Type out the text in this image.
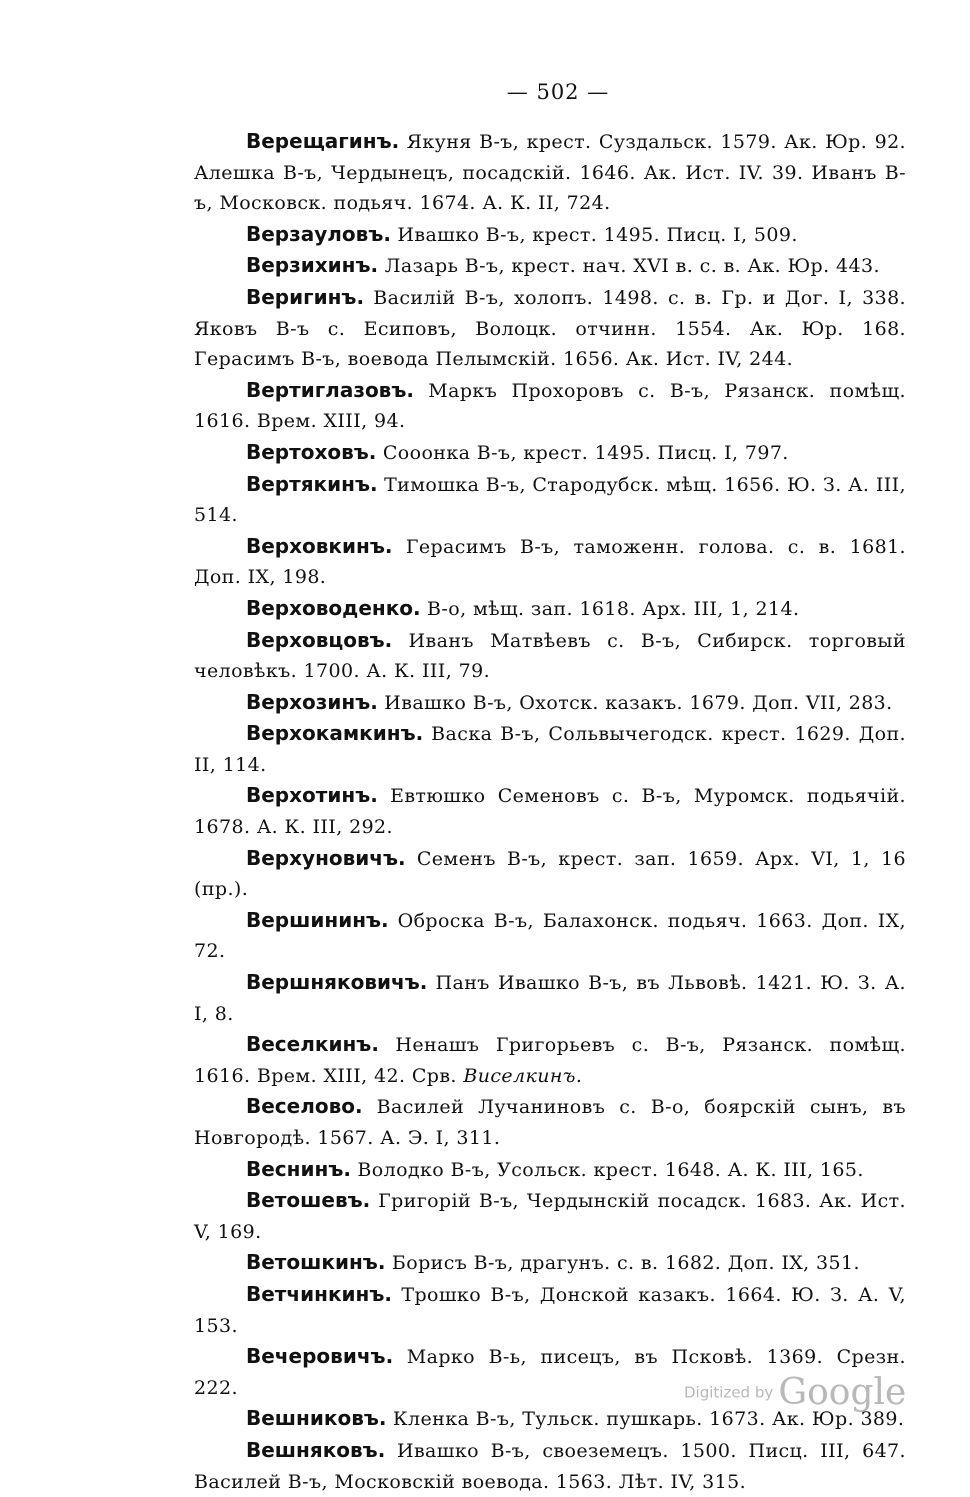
— 502 —

Верещагинъ. Якуня В-ъ, крест. Суздальск. 1579. Ак. Юр. 92. Алешка В-ъ, Чердынецъ, посадскій. 1646. Ак. Ист. IV. 39. Иванъ В-ъ, Московск. подьяч. 1674. А. К. II, 724.

Верзауловъ. Ивашко В-ъ, крест. 1495. Писц. I, 509.

Верзихинъ. Лазарь В-ъ, крест. нач. XVI в. с. в. Ак. Юр. 443.

Веригинъ. Василій В-ъ, холопъ. 1498. с. в. Гр. и Дог. I, 338. Яковъ В-ъ с. Есиповъ, Волоцк. отчинн. 1554. Ак. Юр. 168. Герасимъ В-ъ, воевода Пелымскій. 1656. Ак. Ист. IV, 244.

Вертиглазовъ. Маркъ Прохоровъ с. В-ъ, Рязанск. помѣщ. 1616. Врем. XIII, 94.

Вертоховъ. Сооонка В-ъ, крест. 1495. Писц. I, 797.

Вертякинъ. Тимошка В-ъ, Стародубск. мѣщ. 1656. Ю. З. А. III, 514.

Верховкинъ. Герасимъ В-ъ, таможенн. голова. с. в. 1681. Доп. IX, 198.

Верховоденко. В-о, мѣщ. зап. 1618. Арх. III, 1, 214.

Верховцовъ. Иванъ Матвѣевъ с. В-ъ, Сибирск. торговый человѣкъ. 1700. А. К. III, 79.

Верхозинъ. Ивашко В-ъ, Охотск. казакъ. 1679. Доп. VII, 283.

Верхокамкинъ. Васка В-ъ, Сольвычегодск. крест. 1629. Доп. II, 114.

Верхотинъ. Евтюшко Семеновъ с. В-ъ, Муромск. подьячій. 1678. А. К. III, 292.

Верхуновичъ. Семенъ В-ъ, крест. зап. 1659. Арх. VI, 1, 16 (пр.).

Вершининъ. Оброска В-ъ, Балахонск. подьяч. 1663. Доп. IX, 72.

Вершняковичъ. Панъ Ивашко В-ъ, въ Львовѣ. 1421. Ю. З. А. I, 8.

Веселкинъ. Ненашъ Григорьевъ с. В-ъ, Рязанск. помѣщ. 1616. Врем. XIII, 42. Срв. Виселкинъ.

Веселово. Василей Лучаниновъ с. В-о, боярскій сынъ, въ Новгородѣ. 1567. А. Э. I, 311.

Веснинъ. Володко В-ъ, Усольск. крест. 1648. А. К. III, 165.

Ветошевъ. Григорій В-ъ, Чердынскій посадск. 1683. Ак. Ист. V, 169.

Ветошкинъ. Борисъ В-ъ, драгунъ. с. в. 1682. Доп. IX, 351.

Ветчинкинъ. Трошко В-ъ, Донской казакъ. 1664. Ю. З. А. V, 153.

Вечеровичъ. Марко В-ь, писецъ, въ Псковѣ. 1369. Срезн. 222.

Вешниковъ. Кленка В-ъ, Тульск. пушкарь. 1673. Ак. Юр. 389.

Вешняковъ. Ивашко В-ъ, своеземецъ. 1500. Писц. III, 647. Василей В-ъ, Московскій воевода. 1563. Лѣт. IV, 315.

Digitized by Google
